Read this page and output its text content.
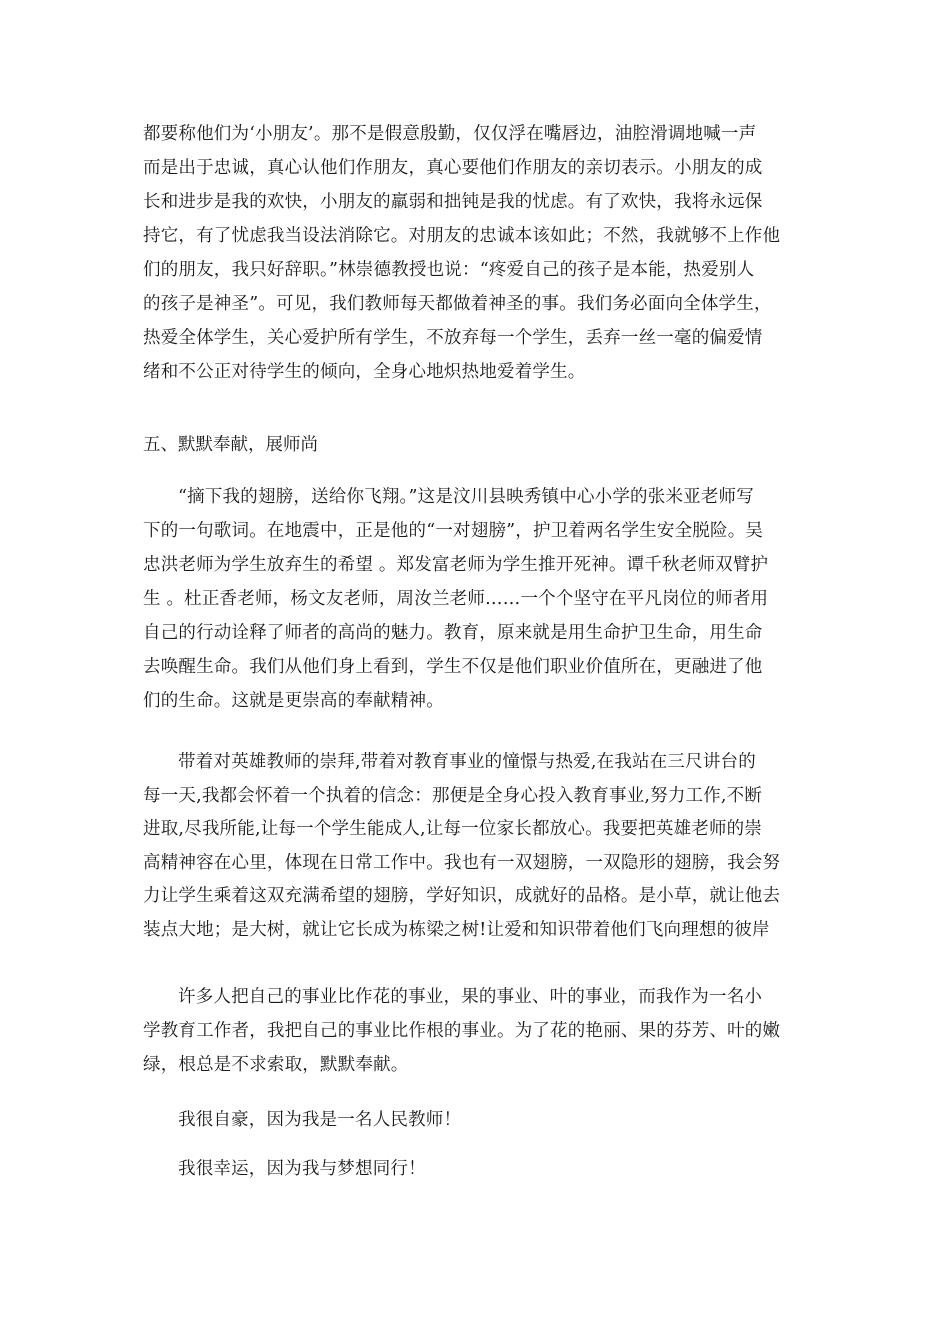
都要称他们为‘小朋友’。那不是假意殷勤，仅仅浮在嘴唇边，油腔滑调地喊一声
而是出于忠诚，真心认他们作朋友，真心要他们作朋友的亲切表示。小朋友的成
长和进步是我的欢快，小朋友的羸弱和拙钝是我的忧虑。有了欢快，我将永远保
持它，有了忧虑我当设法消除它。对朋友的忠诚本该如此；不然，我就够不上作他
们的朋友，我只好辞职。”林崇德教授也说：“疼爱自己的孩子是本能，热爱别人
的孩子是神圣”。可见，我们教师每天都做着神圣的事。我们务必面向全体学生，
热爱全体学生，关心爱护所有学生，不放弃每一个学生，丢弃一丝一毫的偏爱情
绪和不公正对待学生的倾向，全身心地炽热地爱着学生。
五、默默奉献，展师尚
“摘下我的翅膀，送给你飞翔。”这是汶川县映秀镇中心小学的张米亚老师写
下的一句歌词。在地震中，正是他的“一对翅膀”，护卫着两名学生安全脱险。吴
忠洪老师为学生放弃生的希望 。郑发富老师为学生推开死神。谭千秋老师双臂护
生 。杜正香老师，杨文友老师，周汝兰老师……一个个坚守在平凡岗位的师者用
自己的行动诠释了师者的高尚的魅力。教育，原来就是用生命护卫生命，用生命
去唤醒生命。我们从他们身上看到，学生不仅是他们职业价值所在，更融进了他
们的生命。这就是更崇高的奉献精神。
带着对英雄教师的崇拜,带着对教育事业的憧憬与热爱,在我站在三尺讲台的
每一天,我都会怀着一个执着的信念：那便是全身心投入教育事业,努力工作,不断
进取,尽我所能,让每一个学生能成人,让每一位家长都放心。我要把英雄老师的崇
高精神容在心里，体现在日常工作中。我也有一双翅膀，一双隐形的翅膀，我会努
力让学生乘着这双充满希望的翅膀，学好知识，成就好的品格。是小草，就让他去
装点大地；是大树，就让它长成为栋梁之树!让爱和知识带着他们飞向理想的彼岸
许多人把自己的事业比作花的事业，果的事业、叶的事业，而我作为一名小
学教育工作者，我把自己的事业比作根的事业。为了花的艳丽、果的芬芳、叶的嫩
绿，根总是不求索取，默默奉献。
我很自豪，因为我是一名人民教师！
我很幸运，因为我与梦想同行！
